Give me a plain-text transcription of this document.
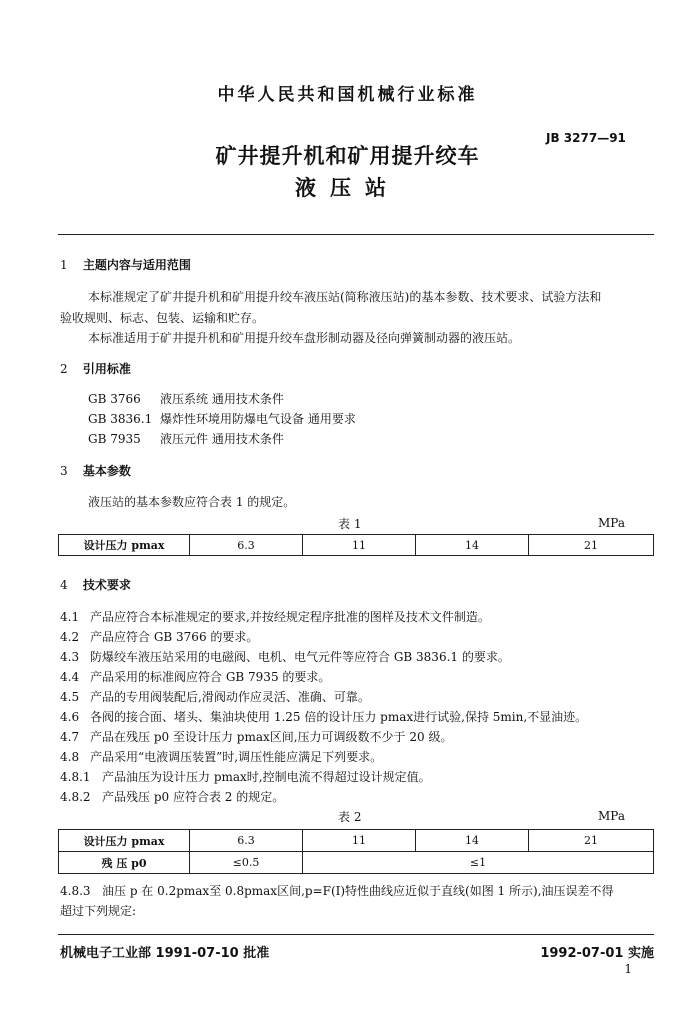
中华人民共和国机械行业标准
JB 3277—91
矿井提升机和矿用提升绞车
液压站
1 主题内容与适用范围
本标准规定了矿井提升机和矿用提升绞车液压站(简称液压站)的基本参数、技术要求、试验方法和
验收规则、标志、包装、运输和贮存。
本标准适用于矿井提升机和矿用提升绞车盘形制动器及径向弹簧制动器的液压站。
2 引用标准
GB 3766 液压系统 通用技术条件
GB 3836.1 爆炸性环境用防爆电气设备 通用要求
GB 7935 液压元件 通用技术条件
3 基本参数
液压站的基本参数应符合表 1 的规定。
表 1	MPa
设计压力 pmax	6.3	11	14	21
4 技术要求
4.1 产品应符合本标准规定的要求,并按经规定程序批准的图样及技术文件制造。
4.2 产品应符合 GB 3766 的要求。
4.3 防爆绞车液压站采用的电磁阀、电机、电气元件等应符合 GB 3836.1 的要求。
4.4 产品采用的标准阀应符合 GB 7935 的要求。
4.5 产品的专用阀装配后,滑阀动作应灵活、准确、可靠。
4.6 各阀的接合面、堵头、集油块使用 1.25 倍的设计压力 pmax进行试验,保持 5min,不显油迹。
4.7 产品在残压 p0 至设计压力 pmax区间,压力可调级数不少于 20 级。
4.8 产品采用“电液调压装置”时,调压性能应满足下列要求。
4.8.1 产品油压为设计压力 pmax时,控制电流不得超过设计规定值。
4.8.2 产品残压 p0 应符合表 2 的规定。
表 2	MPa
设计压力 pmax	6.3	11	14	21
残 压 p0	≤0.5	≤1		
4.8.3 油压 p 在 0.2pmax至 0.8pmax区间,p=F(I)特性曲线应近似于直线(如图 1 所示),油压误差不得
超过下列规定:
机械电子工业部 1991-07-10 批准	1992-07-01 实施
1
